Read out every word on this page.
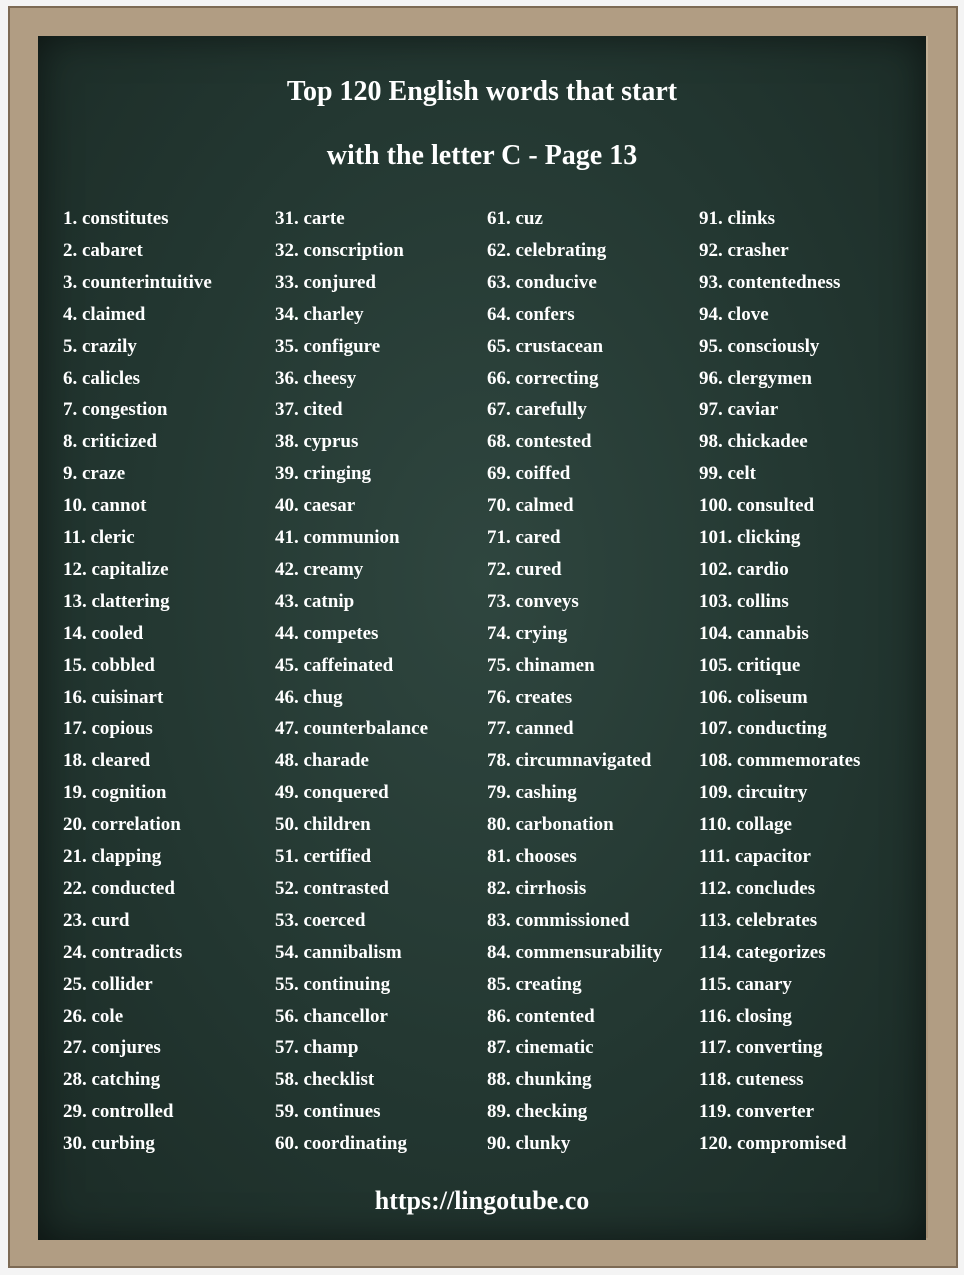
Top 120 English words that start
with the letter C - Page 13
1. constitutes
2. cabaret
3. counterintuitive
4. claimed
5. crazily
6. calicles
7. congestion
8. criticized
9. craze
10. cannot
11. cleric
12. capitalize
13. clattering
14. cooled
15. cobbled
16. cuisinart
17. copious
18. cleared
19. cognition
20. correlation
21. clapping
22. conducted
23. curd
24. contradicts
25. collider
26. cole
27. conjures
28. catching
29. controlled
30. curbing
31. carte
32. conscription
33. conjured
34. charley
35. configure
36. cheesy
37. cited
38. cyprus
39. cringing
40. caesar
41. communion
42. creamy
43. catnip
44. competes
45. caffeinated
46. chug
47. counterbalance
48. charade
49. conquered
50. children
51. certified
52. contrasted
53. coerced
54. cannibalism
55. continuing
56. chancellor
57. champ
58. checklist
59. continues
60. coordinating
61. cuz
62. celebrating
63. conducive
64. confers
65. crustacean
66. correcting
67. carefully
68. contested
69. coiffed
70. calmed
71. cared
72. cured
73. conveys
74. crying
75. chinamen
76. creates
77. canned
78. circumnavigated
79. cashing
80. carbonation
81. chooses
82. cirrhosis
83. commissioned
84. commensurability
85. creating
86. contented
87. cinematic
88. chunking
89. checking
90. clunky
91. clinks
92. crasher
93. contentedness
94. clove
95. consciously
96. clergymen
97. caviar
98. chickadee
99. celt
100. consulted
101. clicking
102. cardio
103. collins
104. cannabis
105. critique
106. coliseum
107. conducting
108. commemorates
109. circuitry
110. collage
111. capacitor
112. concludes
113. celebrates
114. categorizes
115. canary
116. closing
117. converting
118. cuteness
119. converter
120. compromised
https://lingotube.co
